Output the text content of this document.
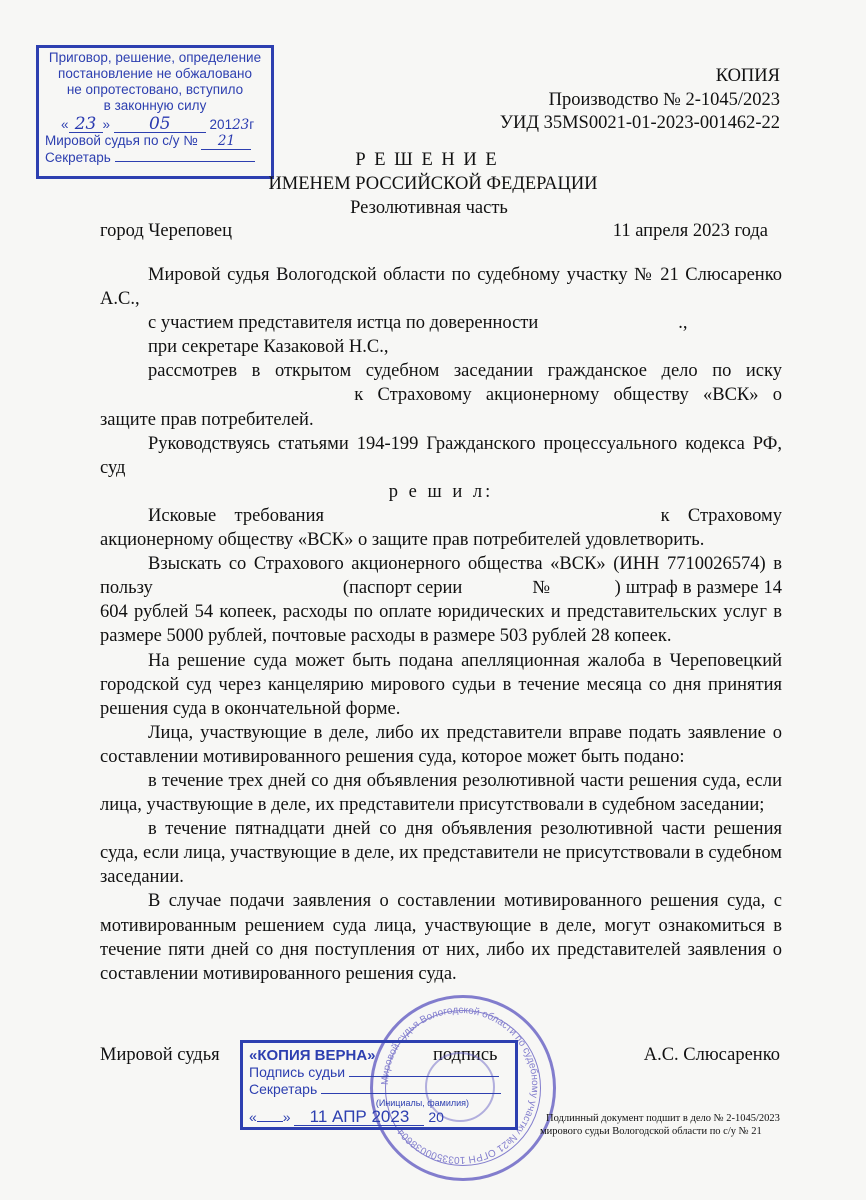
Приговор, решение, определение
постановление не обжаловано
не опротестовано, вступило
в законную силу
« 23 » 05	20123г
Мировой судья по с/у № 21
Секретарь
КОПИЯ
Производство № 2-1045/2023
УИД 35MS0021-01-2023-001462-22
Р Е Ш Е Н И Е
ИМЕНЕМ РОССИЙСКОЙ ФЕДЕРАЦИИ
Резолютивная часть
город Череповец	11 апреля 2023 года

Мировой судья Вологодской области по судебному участку № 21 Слюсаренко А.С.,

с участием представителя истца по доверенности	.,

при секретаре Казаковой Н.С.,

рассмотрев в открытом судебном заседании гражданское дело по иску  к Страховому акционерному обществу «ВСК» о защите прав потребителей.

Руководствуясь статьями 194-199 Гражданского процессуального кодекса РФ, суд

р е ш и л:

Исковые требования	к Страховому акционерному обществу «ВСК» о защите прав потребителей удовлетворить.

Взыскать со Страхового акционерного общества «ВСК» (ИНН 7710026574) в пользу	(паспорт серии	№	) штраф в размере 14 604 рублей 54 копеек, расходы по оплате юридических и представительских услуг в размере 5000 рублей, почтовые расходы в размере 503 рублей 28 копеек.

На решение суда может быть подана апелляционная жалоба в Череповецкий городской суд через канцелярию мирового судьи в течение месяца со дня принятия решения суда в окончательной форме.

Лица, участвующие в деле, либо их представители вправе подать заявление о составлении мотивированного решения суда, которое может быть подано:

в течение трех дней со дня объявления резолютивной части решения суда, если лица, участвующие в деле, их представители присутствовали в судебном заседании;

в течение пятнадцати дней со дня объявления резолютивной части решения суда, если лица, участвующие в деле, их представители не присутствовали в судебном заседании.

В случае подачи заявления о составлении мотивированного решения суда, с мотивированным решением суда лица, участвующие в деле, могут ознакомиться в течение пяти дней со дня поступления от них, либо их представителей заявления о составлении мотивированного решения суда.

Мировой судья	подпись	А.С. Слюсаренко
Мировой судья Вологодской области по судебному участку №21 ОГРН 1033500038604
«КОПИЯ ВЕРНА»
Подпись судьи
Секретарь
(Инициалы, фамилия)
« » 11 АПР 2023 20	Подлинный документ подшит в дело № 2-1045/2023
мирового судьи Вологодской области по с/у № 21
